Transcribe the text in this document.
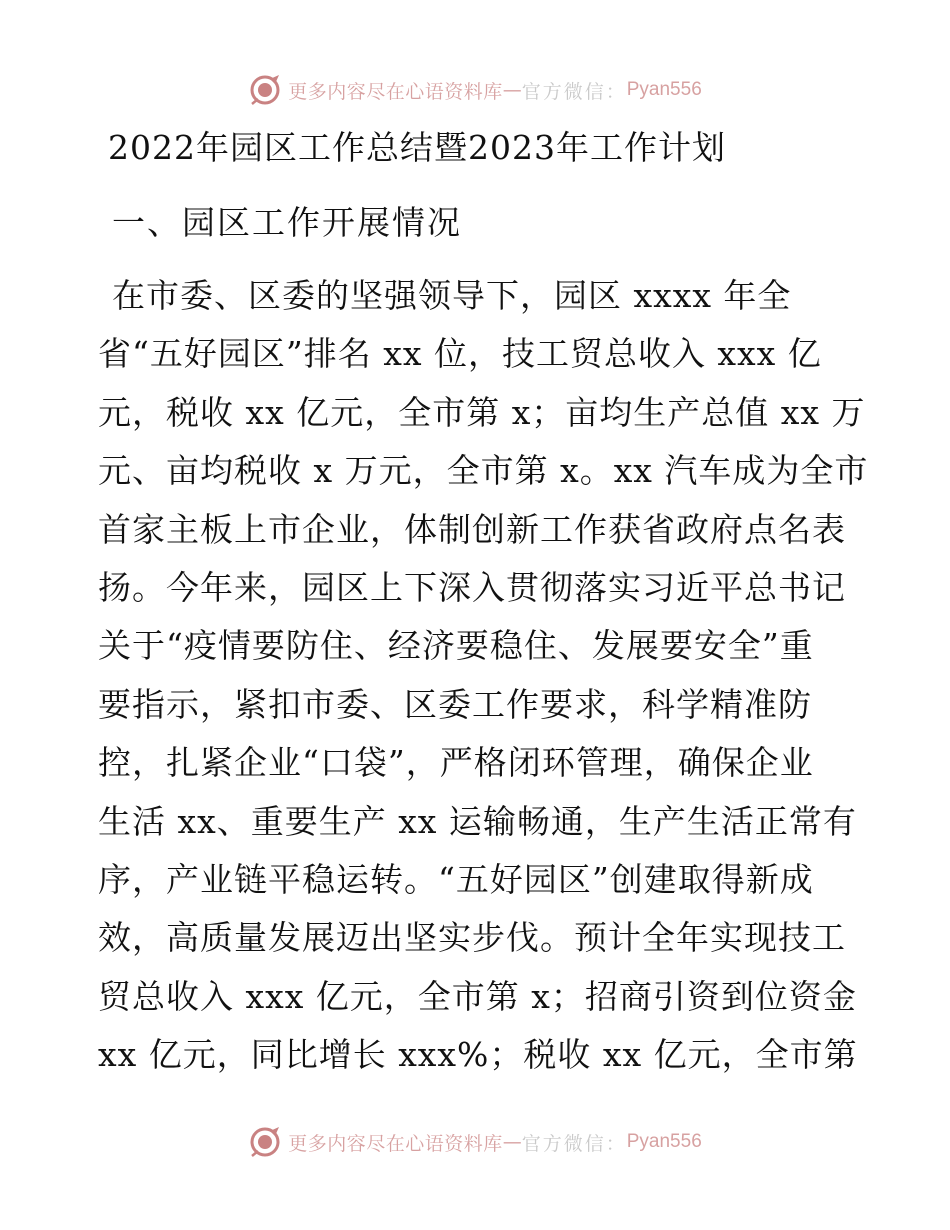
更多内容尽在心语资料库 — 官方微信： Pyan556
2022年园区工作总结暨2023年工作计划
一、园区工作开展情况
在市委、区委的坚强领导下，园区 xxxx 年全
省“五好园区”排名 xx 位，技工贸总收入 xxx 亿
元，税收 xx 亿元，全市第 x；亩均生产总值 xx 万
元、亩均税收 x 万元，全市第 x。xx 汽车成为全市
首家主板上市企业，体制创新工作获省政府点名表
扬。今年来，园区上下深入贯彻落实习近平总书记
关于“疫情要防住、经济要稳住、发展要安全”重
要指示，紧扣市委、区委工作要求，科学精准防
控，扎紧企业“口袋”，严格闭环管理，确保企业
生活 xx、重要生产 xx 运输畅通，生产生活正常有
序，产业链平稳运转。“五好园区”创建取得新成
效，高质量发展迈出坚实步伐。预计全年实现技工
贸总收入 xxx 亿元，全市第 x；招商引资到位资金
xx 亿元，同比增长 xxx%；税收 xx 亿元，全市第
更多内容尽在心语资料库 — 官方微信： Pyan556
